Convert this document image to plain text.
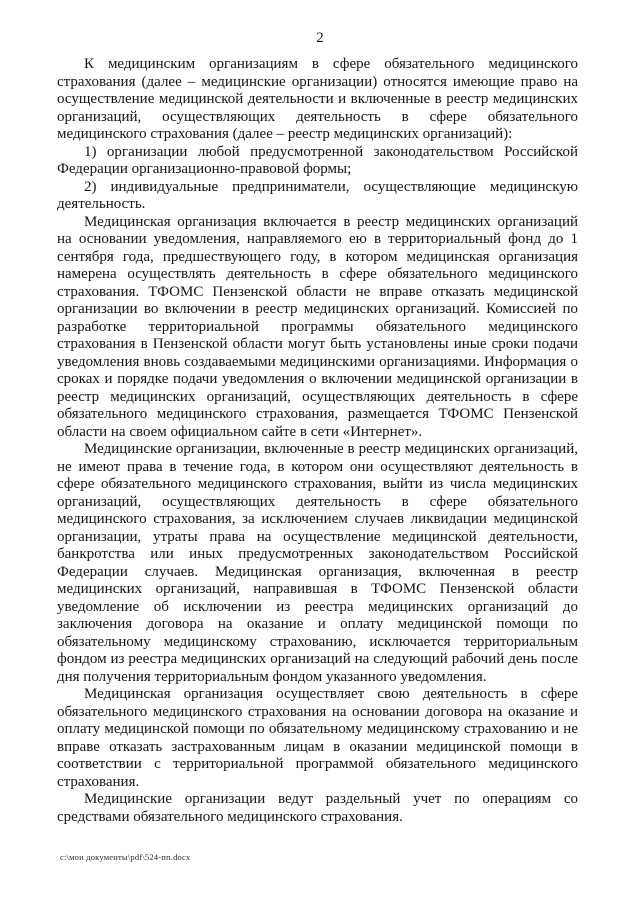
2

К медицинским организациям в сфере обязательного медицинского страхования (далее – медицинские организации) относятся имеющие право на осуществление медицинской деятельности и включенные в реестр медицинских организаций, осуществляющих деятельность в сфере обязательного медицинского страхования (далее – реестр медицинских организаций):

1) организации любой предусмотренной законодательством Российской Федерации организационно-правовой формы;

2) индивидуальные предприниматели, осуществляющие медицинскую деятельность.

Медицинская организация включается в реестр медицинских организаций на основании уведомления, направляемого ею в территориальный фонд до 1 сентября года, предшествующего году, в котором медицинская организация намерена осуществлять деятельность в сфере обязательного медицинского страхования. ТФОМС Пензенской области не вправе отказать медицинской организации во включении в реестр медицинских организаций. Комиссией по разработке территориальной программы обязательного медицинского страхования в Пензенской области могут быть установлены иные сроки подачи уведомления вновь создаваемыми медицинскими организациями. Информация о сроках и порядке подачи уведомления о включении медицинской организации в реестр медицинских организаций, осуществляющих деятельность в сфере обязательного медицинского страхования, размещается ТФОМС Пензенской области на своем официальном сайте в сети «Интернет».

Медицинские организации, включенные в реестр медицинских организаций, не имеют права в течение года, в котором они осуществляют деятельность в сфере обязательного медицинского страхования, выйти из числа медицинских организаций, осуществляющих деятельность в сфере обязательного медицинского страхования, за исключением случаев ликвидации медицинской организации, утраты права на осуществление медицинской деятельности, банкротства или иных предусмотренных законодательством Российской Федерации случаев. Медицинская организация, включенная в реестр медицинских организаций, направившая в ТФОМС Пензенской области уведомление об исключении из реестра медицинских организаций до заключения договора на оказание и оплату медицинской помощи по обязательному медицинскому страхованию, исключается территориальным фондом из реестра медицинских организаций на следующий рабочий день после дня получения территориальным фондом указанного уведомления.

Медицинская организация осуществляет свою деятельность в сфере обязательного медицинского страхования на основании договора на оказание и оплату медицинской помощи по обязательному медицинскому страхованию и не вправе отказать застрахованным лицам в оказании медицинской помощи в соответствии с территориальной программой обязательного медицинского страхования.

Медицинские организации ведут раздельный учет по операциям со средствами обязательного медицинского страхования.

с:\мои документы\pdf\524-пп.docx
